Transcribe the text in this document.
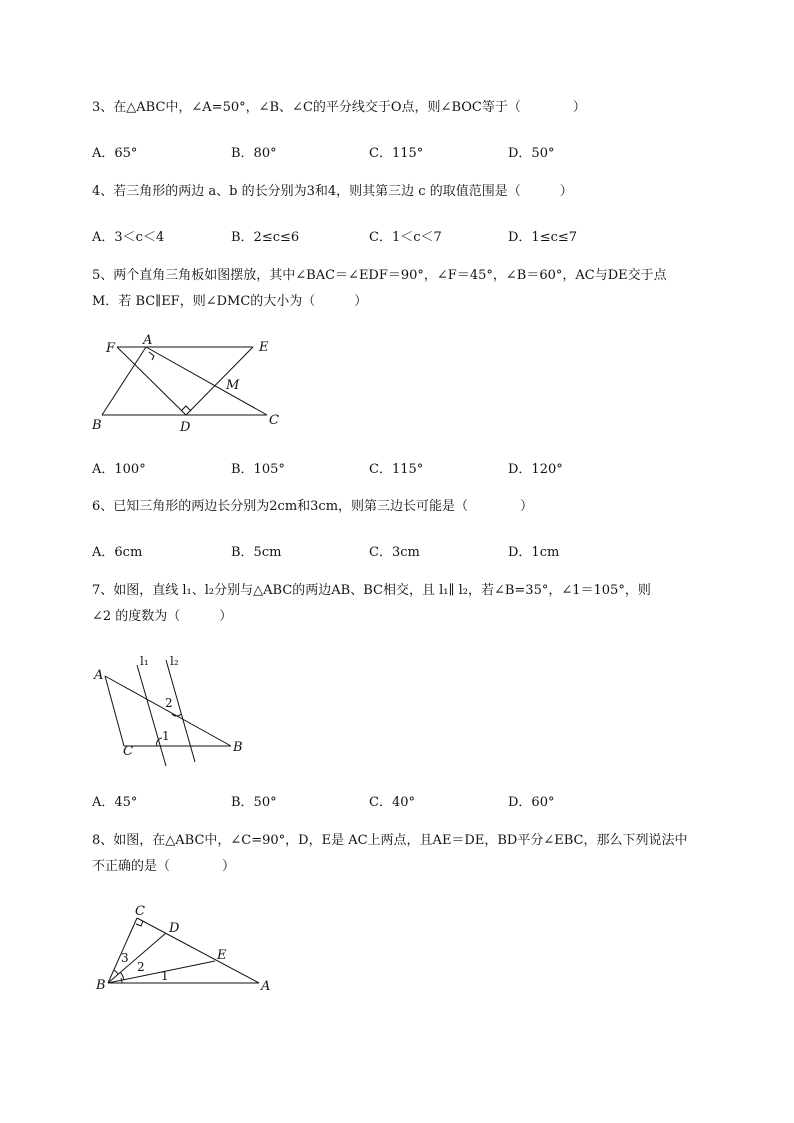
3、在△ABC中，∠A=50°，∠B、∠C的平分线交于O点，则∠BOC等于（　　　　）
A．65°	B．80°	C．115°	D．50°
4、若三角形的两边 a、b 的长分别为3和4，则其第三边 c 的取值范围是（　　　）
A．3＜c＜4	B．2≤c≤6	C．1＜c＜7	D．1≤c≤7
5、两个直角三角板如图摆放，其中∠BAC＝∠EDF＝90°，∠F＝45°，∠B＝60°，AC与DE交于点
M．若 BC∥EF，则∠DMC的大小为（　　　）
F
A	E
M
B	D	C
A．100°	B．105°	C．115°	D．120°
6、已知三角形的两边长分别为2cm和3cm，则第三边长可能是（　　　　）
A．6cm	B．5cm	C．3cm	D．1cm
7、如图，直线 l₁、l₂分别与△ABC的两边AB、BC相交，且 l₁∥ l₂，若∠B=35°，∠1＝105°，则
∠2 的度数为（　　　）
l₁ l₂
A
2
1
C	B
A．45°	B．50°	C．40°	D．60°
8、如图，在△ABC中，∠C=90°，D，E是 AC上两点，且AE＝DE，BD平分∠EBC，那么下列说法中
不正确的是（　　　　）
C
D
E
3
2
1
B	A
